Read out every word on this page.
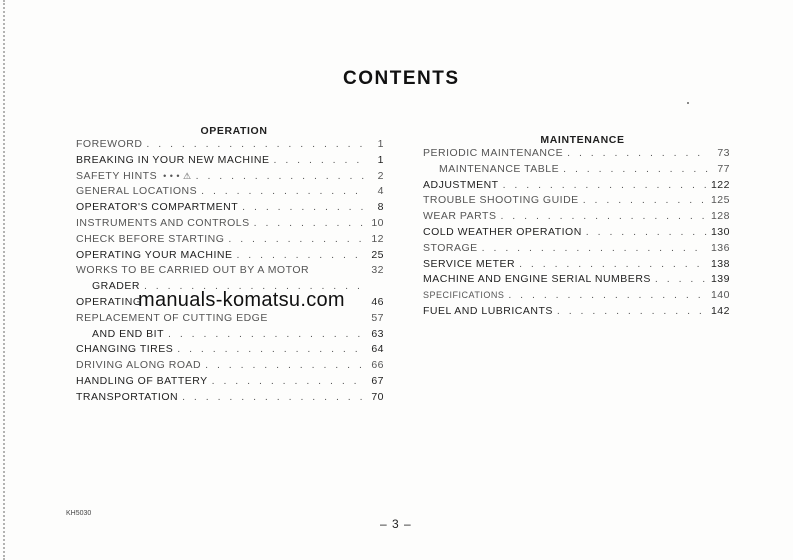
CONTENTS
OPERATION
FOREWORD . . .	1
BREAKING IN YOUR NEW MACHINE . . .	1
SAFETY HINTS • • • ⚠ . . .	2
GENERAL LOCATIONS . . .	4
OPERATOR'S COMPARTMENT . . .	8
INSTRUMENTS AND CONTROLS . . .	10
CHECK BEFORE STARTING . . .	12
OPERATING YOUR MACHINE . . .	25
WORKS TO BE CARRIED OUT BY A MOTOR	32
GRADER
. . .
OPERATING	46
REPLACEMENT OF CUTTING EDGE	57
AND END BIT . . .	63
CHANGING TIRES . . .	64
DRIVING ALONG ROAD . . .	66
HANDLING OF BATTERY . . .	67
TRANSPORTATION . . .	70
MAINTENANCE
PERIODIC MAINTENANCE . . .	73
MAINTENANCE TABLE . . .	77
ADJUSTMENT . . .	122
TROUBLE SHOOTING GUIDE . . .	125
WEAR PARTS . . .	128
COLD WEATHER OPERATION . . .	130
STORAGE . . .	136
SERVICE METER . . .	138
MACHINE AND ENGINE SERIAL NUMBERS . . .	139
SPECIFICATIONS . . .	140
FUEL AND LUBRICANTS . . .	142
manuals-komatsu.com
KH5030
– 3 –
